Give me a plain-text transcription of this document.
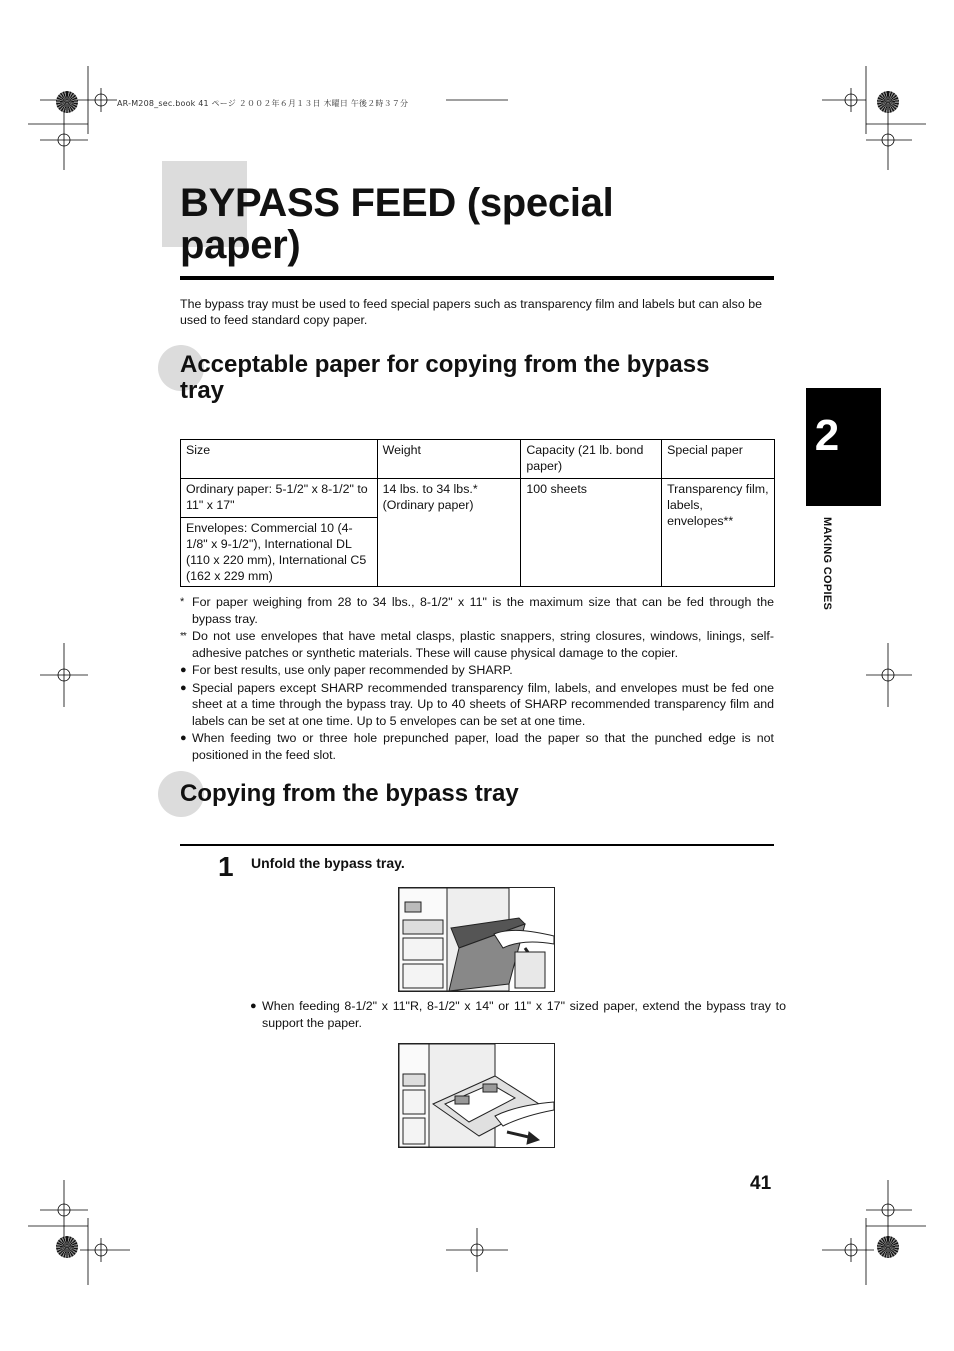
AR-M208_sec.book 41 ページ ２００２年６月１３日 木曜日 午後２時３７分
BYPASS FEED (special
paper)

The bypass tray must be used to feed special papers such as transparency film and labels but can also be used to feed standard copy paper.

Acceptable paper for copying from the bypass
tray
Size	Weight	Capacity (21 lb. bond paper)	Special paper
Ordinary paper: 5-1/2" x 8-1/2" to 11" x 17"	14 lbs. to 34 lbs.* (Ordinary paper)	100 sheets	Transparency film, labels, envelopes**
Envelopes: Commercial 10 (4-1/8" x 9-1/2"), International DL (110 x 220 mm), International C5 (162 x 229 mm)			

* For paper weighing from 28 to 34 lbs., 8-1/2" x 11" is the maximum size that can be fed through the bypass tray.

** Do not use envelopes that have metal clasps, plastic snappers, string closures, windows, linings, self-adhesive patches or synthetic materials. These will cause physical damage to the copier.

● For best results, use only paper recommended by SHARP.

● Special papers except SHARP recommended transparency film, labels, and envelopes must be fed one sheet at a time through the bypass tray. Up to 40 sheets of SHARP recommended transparency film and labels can be set at one time. Up to 5 envelopes can be set at one time.

● When feeding two or three hole prepunched paper, load the paper so that the punched edge is not positioned in the feed slot.

Copying from the bypass tray
1 Unfold the bypass tray.
● When feeding 8-1/2" x 11"R, 8-1/2" x 14" or 11" x 17" sized paper, extend the bypass tray to support the paper.
41
2
MAKING COPIES
